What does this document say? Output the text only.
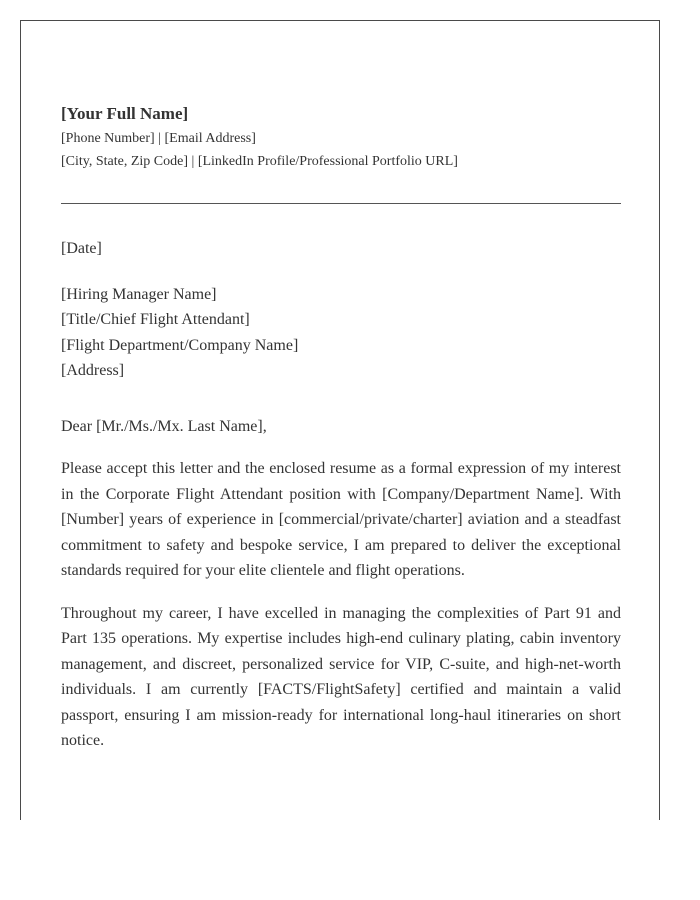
[Your Full Name]

[Phone Number] | [Email Address]

[City, State, Zip Code] | [LinkedIn Profile/Professional Portfolio URL]

[Date]

[Hiring Manager Name]
[Title/Chief Flight Attendant]
[Flight Department/Company Name]
[Address]

Dear [Mr./Ms./Mx. Last Name],

Please accept this letter and the enclosed resume as a formal expression of my interest in the Corporate Flight Attendant position with [Company/Department Name]. With [Number] years of experience in [commercial/private/charter] aviation and a steadfast commitment to safety and bespoke service, I am prepared to deliver the exceptional standards required for your elite clientele and flight operations.

Throughout my career, I have excelled in managing the complexities of Part 91 and Part 135 operations. My expertise includes high-end culinary plating, cabin inventory management, and discreet, personalized service for VIP, C-suite, and high-net-worth individuals. I am currently [FACTS/FlightSafety] certified and maintain a valid passport, ensuring I am mission-ready for international long-haul itineraries on short notice.
